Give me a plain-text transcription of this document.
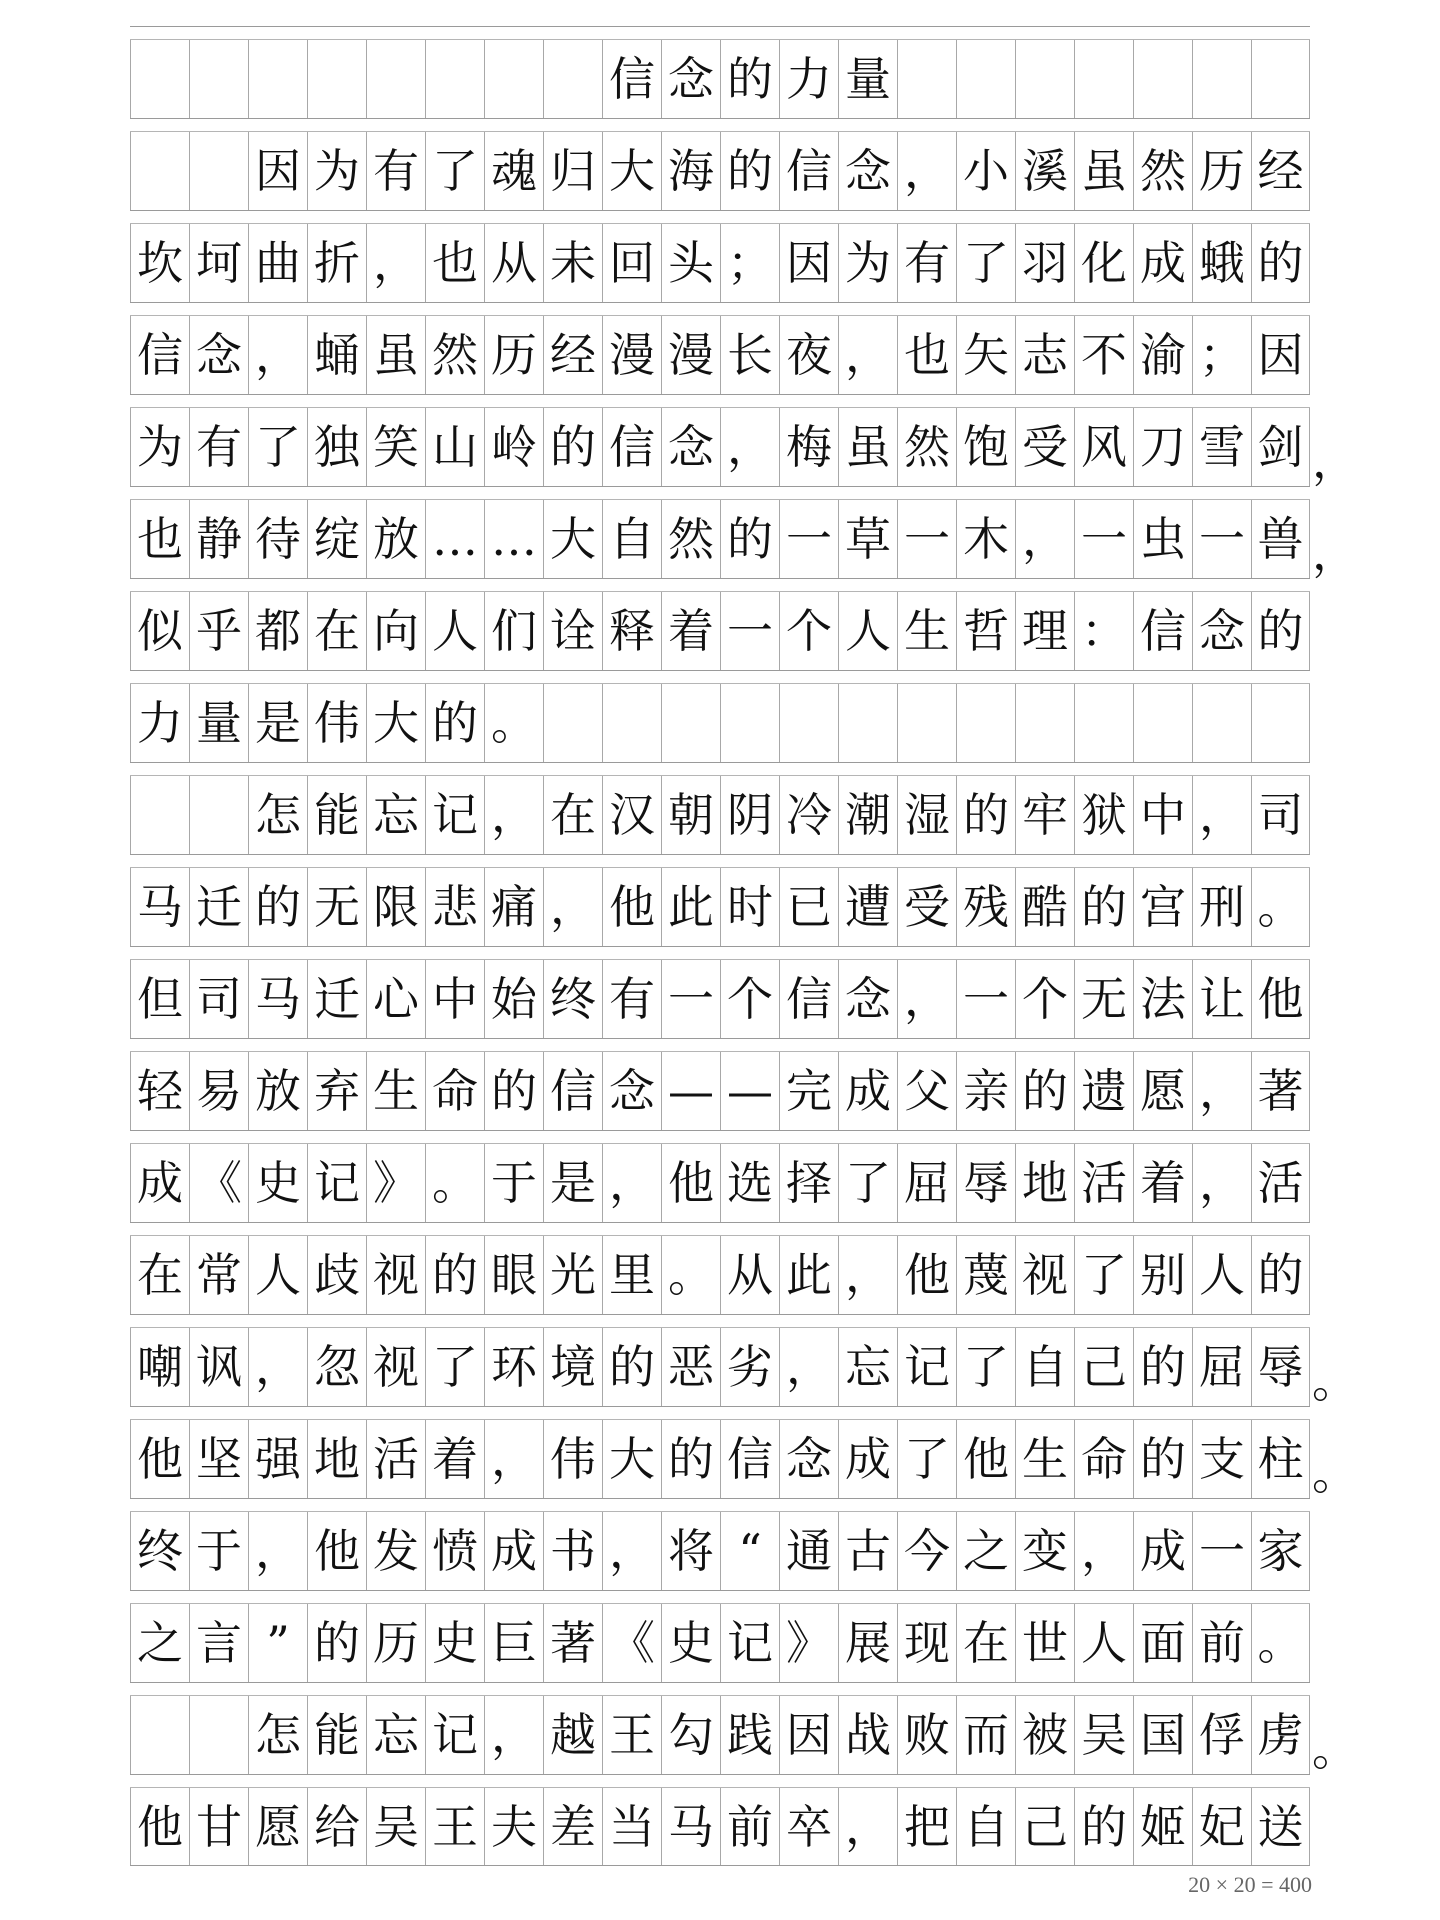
信 念 的 力 量
因 为 有 了 魂 归 大 海 的 信 念 ， 小 溪 虽 然 历 经
坎 坷 曲 折 ， 也 从 未 回 头 ； 因 为 有 了 羽 化 成 蛾 的
信 念 ， 蛹 虽 然 历 经 漫 漫 长 夜 ， 也 矢 志 不 渝 ； 因
为 有 了 独 笑 山 岭 的 信 念 ， 梅 虽 然 饱 受 风 刀 雪 剑 ，
也 静 待 绽 放 … … 大 自 然 的 一 草 一 木 ， 一 虫 一 兽 ，
似 乎 都 在 向 人 们 诠 释 着 一 个 人 生 哲 理 ： 信 念 的
力 量 是 伟 大 的 。
怎 能 忘 记 ， 在 汉 朝 阴 冷 潮 湿 的 牢 狱 中 ， 司
马 迁 的 无 限 悲 痛 ， 他 此 时 已 遭 受 残 酷 的 宫 刑 。
但 司 马 迁 心 中 始 终 有 一 个 信 念 ， 一 个 无 法 让 他
轻 易 放 弃 生 命 的 信 念 — — 完 成 父 亲 的 遗 愿 ， 著
成 《 史 记 》 。 于 是 ， 他 选 择 了 屈 辱 地 活 着 ， 活
在 常 人 歧 视 的 眼 光 里 。 从 此 ， 他 蔑 视 了 别 人 的
嘲 讽 ， 忽 视 了 环 境 的 恶 劣 ， 忘 记 了 自 己 的 屈 辱 。
他 坚 强 地 活 着 ， 伟 大 的 信 念 成 了 他 生 命 的 支 柱 。
终 于 ， 他 发 愤 成 书 ， 将 “ 通 古 今 之 变 ， 成 一 家
之 言 ” 的 历 史 巨 著 《 史 记 》 展 现 在 世 人 面 前 。
怎 能 忘 记 ， 越 王 勾 践 因 战 败 而 被 吴 国 俘 虏 。
他 甘 愿 给 吴 王 夫 差 当 马 前 卒 ， 把 自 己 的 姬 妃 送
20 × 20 = 400
